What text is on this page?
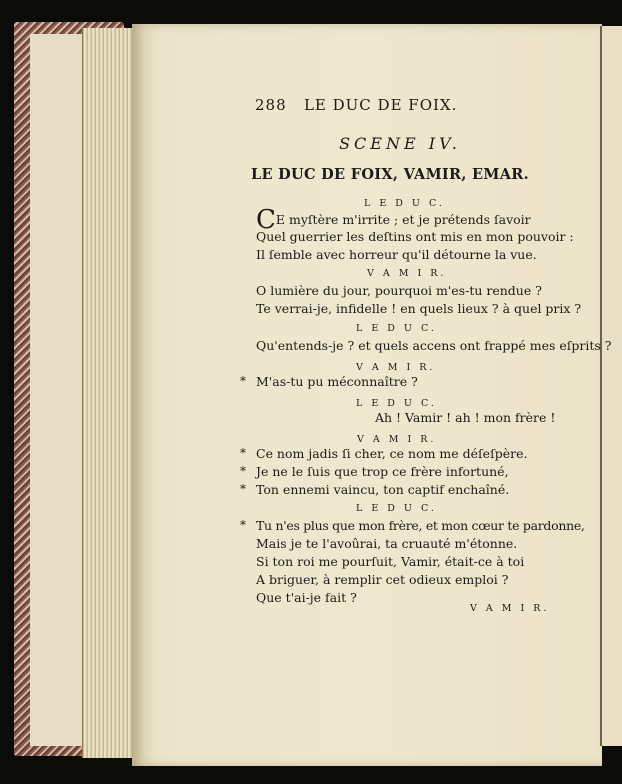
288 LE DUC DE FOIX.
SCENE IV.
LE DUC DE FOIX, VAMIR, EMAR.
L E D U C.
CE myſtère m'irrite ; et je prétends ſavoir
Quel guerrier les deſtins ont mis en mon pouvoir :
Il ſemble avec horreur qu'il détourne la vue.
V A M I R.
O lumière du jour, pourquoi m'es-tu rendue ?
Te verrai-je, infidelle ! en quels lieux ? à quel prix ?
L E D U C.
Qu'entends-je ? et quels accens ont frappé mes eſprits ?
V A M I R.
* M'as-tu pu méconnaître ?
L E D U C.
Ah ! Vamir ! ah ! mon frère !
V A M I R.
* Ce nom jadis ſi cher, ce nom me déſeſpère.
* Je ne le ſuis que trop ce frère infortuné,
* Ton ennemi vaincu, ton captif enchaîné.
L E D U C.
* Tu n'es plus que mon frère, et mon cœur te pardonne,
Mais je te l'avoûrai, ta cruauté m'étonne.
Si ton roi me pourſuit, Vamir, était-ce à toi
A briguer, à remplir cet odieux emploi ?
Que t'ai-je fait ?
V A M I R.
